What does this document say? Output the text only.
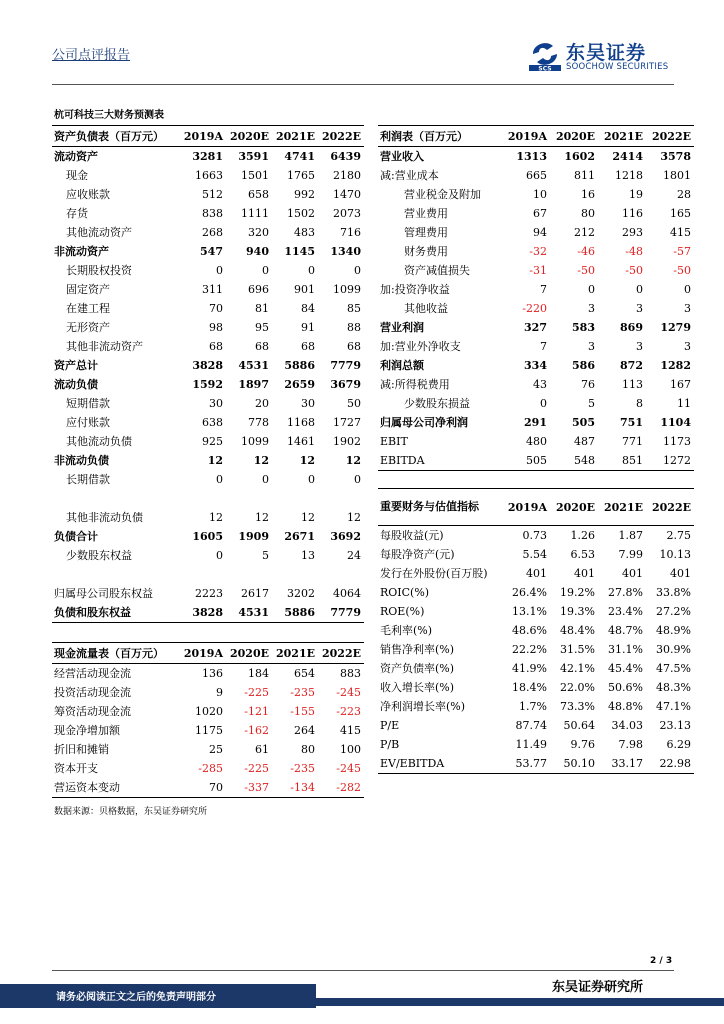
公司点评报告
SCS
东吴证券
SOOCHOW SECURITIES
杭可科技三大财务预测表
资产负债表（百万元）	2019A	2020E	2021E	2022E
流动资产	3281	3591	4741	6439
现金	1663	1501	1765	2180
应收账款	512	658	992	1470
存货	838	1111	1502	2073
其他流动资产	268	320	483	716
非流动资产	547	940	1145	1340
长期股权投资	0	0	0	0
固定资产	311	696	901	1099
在建工程	70	81	84	85
无形资产	98	95	91	88
其他非流动资产	68	68	68	68
资产总计	3828	4531	5886	7779
流动负债	1592	1897	2659	3679
短期借款	30	20	30	50
应付账款	638	778	1168	1727
其他流动负债	925	1099	1461	1902
非流动负债	12	12	12	12
长期借款	0	0	0	0

其他非流动负债	12	12	12	12
负债合计	1605	1909	2671	3692
少数股东权益	0	5	13	24

归属母公司股东权益	2223	2617	3202	4064
负债和股东权益	3828	4531	5886	7779
利润表（百万元）	2019A	2020E	2021E	2022E
营业收入	1313	1602	2414	3578
减:营业成本	665	811	1218	1801
营业税金及附加	10	16	19	28
营业费用	67	80	116	165
管理费用	94	212	293	415
财务费用	-32	-46	-48	-57
资产减值损失	-31	-50	-50	-50
加:投资净收益	7	0	0	0
其他收益	-220	3	3	3
营业利润	327	583	869	1279
加:营业外净收支	7	3	3	3
利润总额	334	586	872	1282
减:所得税费用	43	76	113	167
少数股东损益	0	5	8	11
归属母公司净利润	291	505	751	1104
EBIT	480	487	771	1173
EBITDA	505	548	851	1272
重要财务与估值指标	2019A	2020E	2021E	2022E
每股收益(元)	0.73	1.26	1.87	2.75
每股净资产(元)	5.54	6.53	7.99	10.13
发行在外股份(百万股)	401	401	401	401
ROIC(%)	26.4%	19.2%	27.8%	33.8%
ROE(%)	13.1%	19.3%	23.4%	27.2%
毛利率(%)	48.6%	48.4%	48.7%	48.9%
销售净利率(%)	22.2%	31.5%	31.1%	30.9%
资产负债率(%)	41.9%	42.1%	45.4%	47.5%
收入增长率(%)	18.4%	22.0%	50.6%	48.3%
净利润增长率(%)	1.7%	73.3%	48.8%	47.1%
P/E	87.74	50.64	34.03	23.13
P/B	11.49	9.76	7.98	6.29
EV/EBITDA	53.77	50.10	33.17	22.98
现金流量表（百万元）	2019A	2020E	2021E	2022E
经营活动现金流	136	184	654	883
投资活动现金流	9	-225	-235	-245
筹资活动现金流	1020	-121	-155	-223
现金净增加额	1175	-162	264	415
折旧和摊销	25	61	80	100
资本开支	-285	-225	-235	-245
营运资本变动	70	-337	-134	-282
数据来源：贝格数据，东吴证券研究所
2 / 3
东吴证券研究所
请务必阅读正文之后的免责声明部分
